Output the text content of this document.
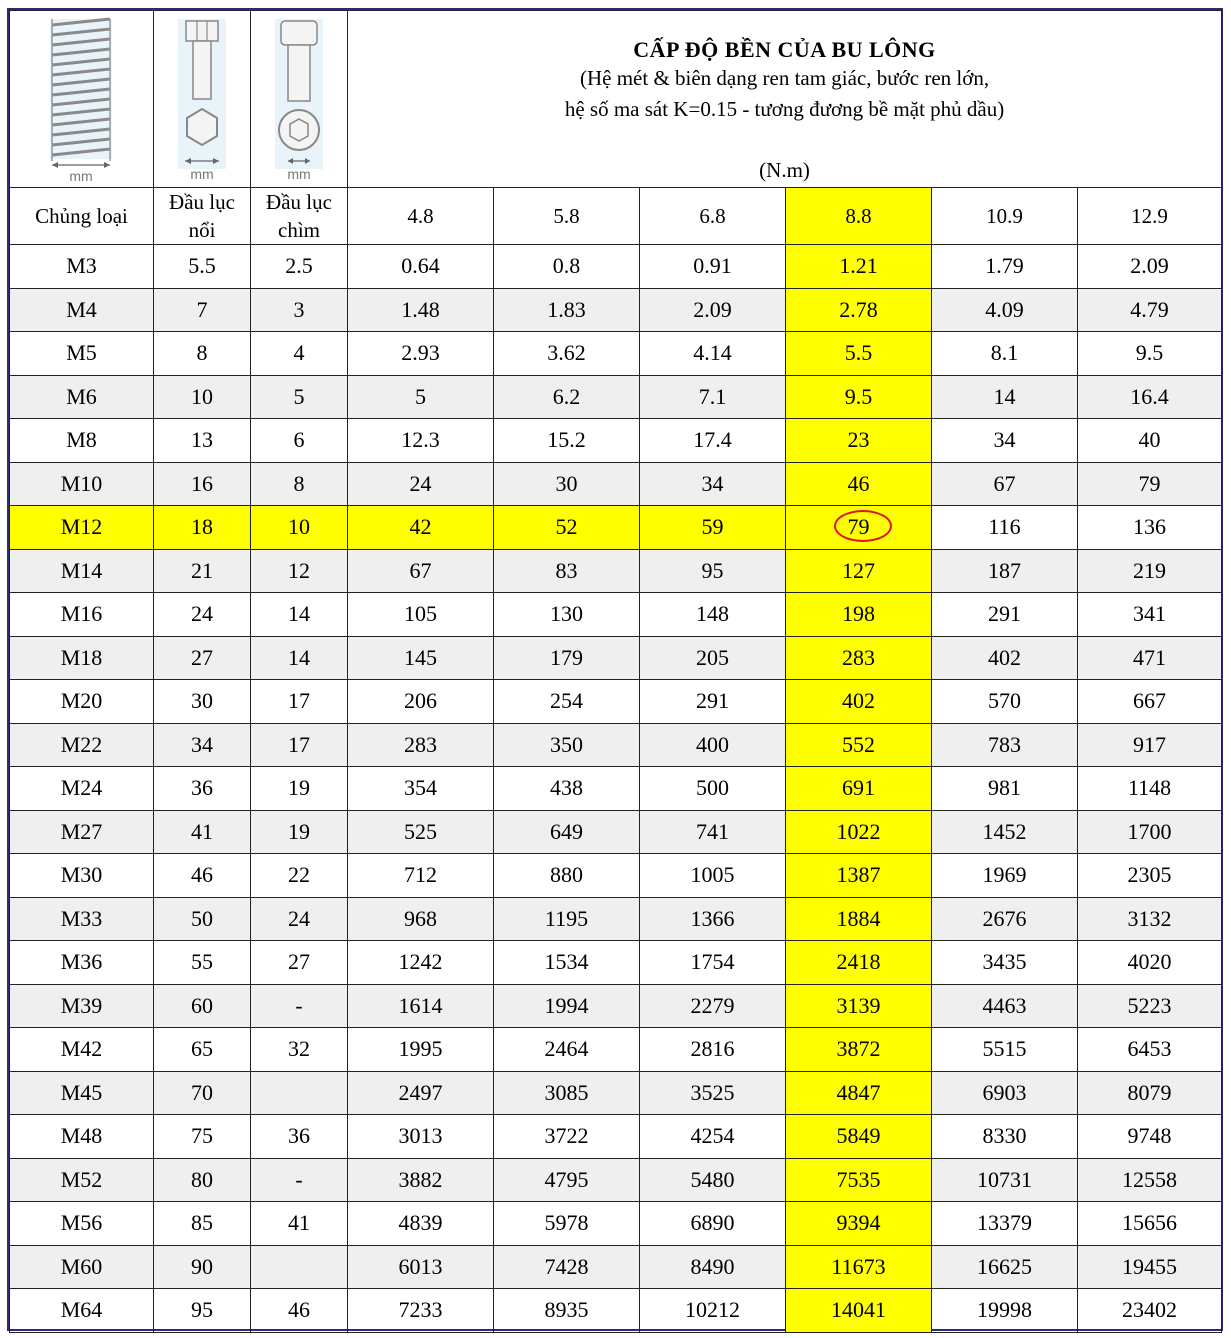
mm	mm	mm	CẤP ĐỘ BỀN CỦA BU LÔNG
(Hệ mét & biên dạng ren tam giác, bước ren lớn,
hệ số ma sát K=0.15 - tương đương bề mặt phủ dầu)
(N.m)					

Chủng loại	Đầu lục nổi	Đầu lục chìm	4.8	5.8	6.8	8.8	10.9	12.9
M3	5.5	2.5	0.64	0.8	0.91	1.21	1.79	2.09
M4	7	3	1.48	1.83	2.09	2.78	4.09	4.79
M5	8	4	2.93	3.62	4.14	5.5	8.1	9.5
M6	10	5	5	6.2	7.1	9.5	14	16.4
M8	13	6	12.3	15.2	17.4	23	34	40
M10	16	8	24	30	34	46	67	79
M12	18	10	42	52	59	79	116	136
M14	21	12	67	83	95	127	187	219
M16	24	14	105	130	148	198	291	341
M18	27	14	145	179	205	283	402	471
M20	30	17	206	254	291	402	570	667
M22	34	17	283	350	400	552	783	917
M24	36	19	354	438	500	691	981	1148
M27	41	19	525	649	741	1022	1452	1700
M30	46	22	712	880	1005	1387	1969	2305
M33	50	24	968	1195	1366	1884	2676	3132
M36	55	27	1242	1534	1754	2418	3435	4020
M39	60	-	1614	1994	2279	3139	4463	5223
M42	65	32	1995	2464	2816	3872	5515	6453
M45	70		2497	3085	3525	4847	6903	8079
M48	75	36	3013	3722	4254	5849	8330	9748
M52	80	-	3882	4795	5480	7535	10731	12558
M56	85	41	4839	5978	6890	9394	13379	15656
M60	90		6013	7428	8490	11673	16625	19455
M64	95	46	7233	8935	10212	14041	19998	23402
